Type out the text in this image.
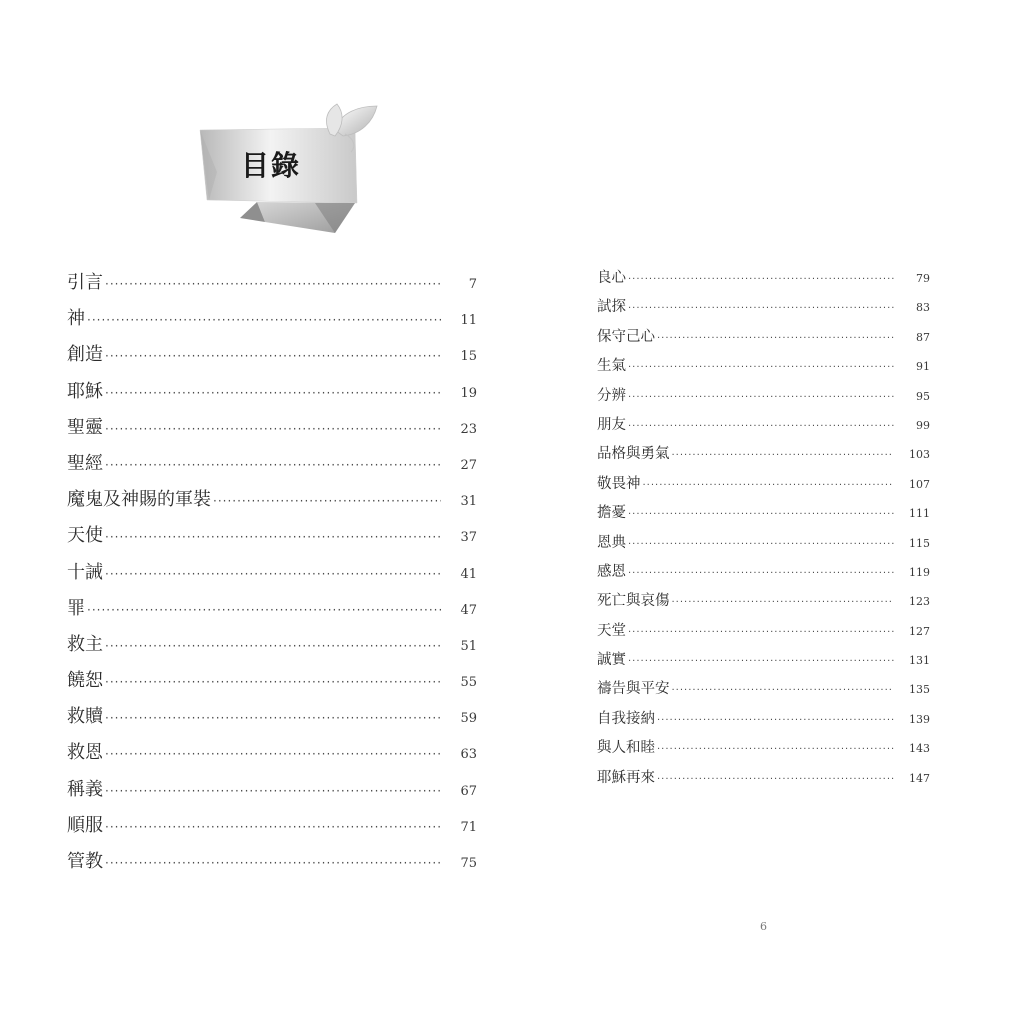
目錄
引言 ·····	7
神 ·····	11
創造 ·····	15
耶穌 ·····	19
聖靈 ·····	23
聖經 ·····	27
魔鬼及神賜的軍裝 ·····	31
天使 ·····	37
十誡 ·····	41
罪 ·····	47
救主 ·····	51
饒恕 ·····	55
救贖 ·····	59
救恩 ·····	63
稱義 ·····	67
順服 ·····	71
管教 ·····	75
良心 ·····	79
試探 ·····	83
保守己心 ·····	87
生氣 ·····	91
分辨 ·····	95
朋友 ·····	99
品格與勇氣 ·····	103
敬畏神 ·····	107
擔憂 ·····	111
恩典 ·····	115
感恩 ·····	119
死亡與哀傷 ·····	123
天堂 ·····	127
誠實 ·····	131
禱告與平安 ·····	135
自我接納 ·····	139
與人和睦 ·····	143
耶穌再來 ·····	147
6
